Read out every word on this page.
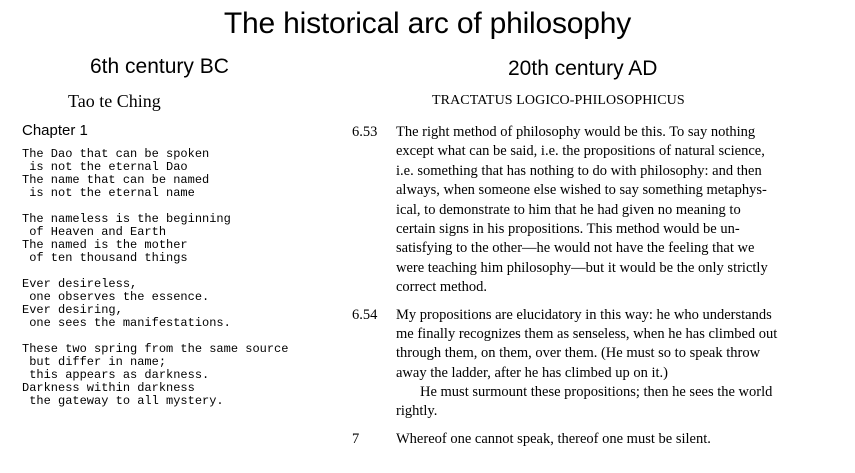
The historical arc of philosophy
6th century BC	20th century AD
Tao te Ching	TRACTATUS LOGICO-PHILOSOPHICUS
Chapter 1
The Dao that can be spoken
is not the eternal Dao
The name that can be named
is not the eternal name
The nameless is the beginning
of Heaven and Earth
The named is the mother
of ten thousand things
Ever desireless,
one observes the essence.
Ever desiring,
one sees the manifestations.
These two spring from the same source
but differ in name;
this appears as darkness.
Darkness within darkness
the gateway to all mystery.
6.53	The right method of philosophy would be this. To say nothing
except what can be said, i.e. the propositions of natural science,
i.e. something that has nothing to do with philosophy: and then
always, when someone else wished to say something metaphys-
ical, to demonstrate to him that he had given no meaning to
certain signs in his propositions. This method would be un-
satisfying to the other—he would not have the feeling that we
were teaching him philosophy—but it would be the only strictly
correct method.
6.54	My propositions are elucidatory in this way: he who understands
me finally recognizes them as senseless, when he has climbed out
through them, on them, over them. (He must so to speak throw
away the ladder, after he has climbed up on it.)
He must surmount these propositions; then he sees the world
rightly.
7	Whereof one cannot speak, thereof one must be silent.
